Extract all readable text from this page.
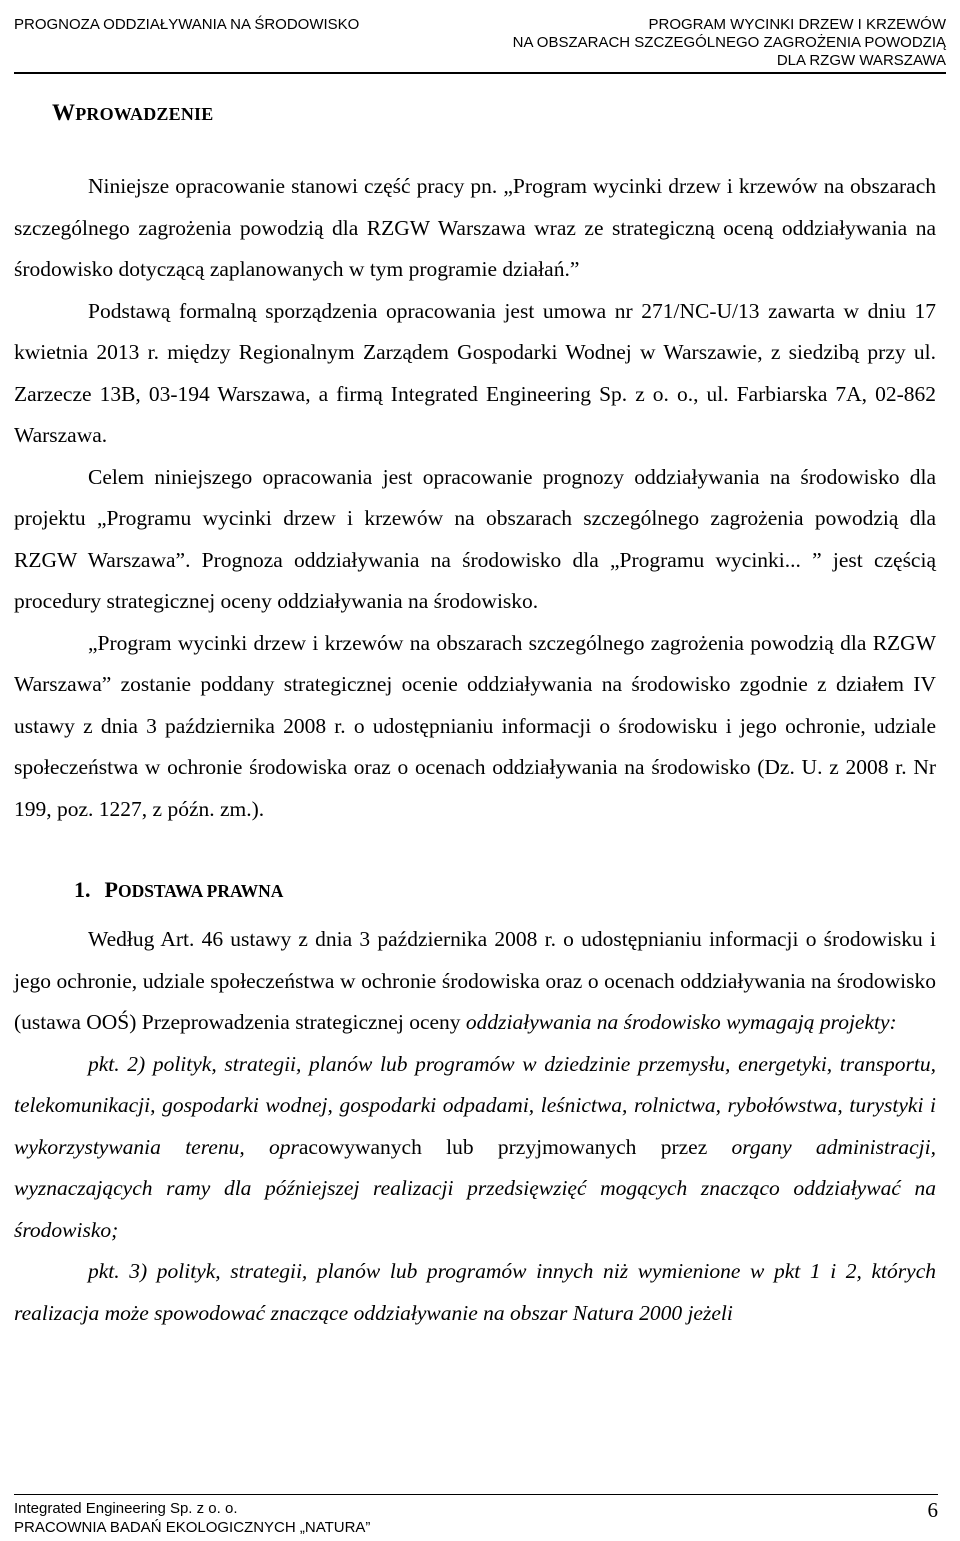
PROGNOZA ODDZIAŁYWANIA NA ŚRODOWISKO	PROGRAM WYCINKI DRZEW I KRZEWÓW
NA OBSZARACH SZCZEGÓLNEGO ZAGROŻENIA POWODZIĄ
DLA RZGW WARSZAWA
WPROWADZENIE

Niniejsze opracowanie stanowi część pracy pn. „Program wycinki drzew i krzewów na obszarach szczególnego zagrożenia powodzią dla RZGW Warszawa wraz ze strategiczną oceną oddziaływania na środowisko dotyczącą zaplanowanych w tym programie działań.”

Podstawą formalną sporządzenia opracowania jest umowa nr 271/NC-U/13 zawarta w dniu 17 kwietnia 2013 r. między Regionalnym Zarządem Gospodarki Wodnej w Warszawie, z siedzibą przy ul. Zarzecze 13B, 03-194 Warszawa, a firmą Integrated Engineering Sp. z o. o., ul. Farbiarska 7A, 02-862 Warszawa.

Celem niniejszego opracowania jest opracowanie prognozy oddziaływania na środowisko dla projektu „Programu wycinki drzew i krzewów na obszarach szczególnego zagrożenia powodzią dla RZGW Warszawa”. Prognoza oddziaływania na środowisko dla „Programu wycinki... ” jest częścią procedury strategicznej oceny oddziaływania na środowisko.

„Program wycinki drzew i krzewów na obszarach szczególnego zagrożenia powodzią dla RZGW Warszawa” zostanie poddany strategicznej ocenie oddziaływania na środowisko zgodnie z działem IV ustawy z dnia 3 października 2008 r. o udostępnianiu informacji o środowisku i jego ochronie, udziale społeczeństwa w ochronie środowiska oraz o ocenach oddziaływania na środowisko (Dz. U. z 2008 r. Nr 199, poz. 1227, z późn. zm.).

1. PODSTAWA PRAWNA

Według Art. 46 ustawy z dnia 3 października 2008 r. o udostępnianiu informacji o środowisku i jego ochronie, udziale społeczeństwa w ochronie środowiska oraz o ocenach oddziaływania na środowisko (ustawa OOŚ) Przeprowadzenia strategicznej oceny oddziaływania na środowisko wymagają projekty:

pkt. 2) polityk, strategii, planów lub programów w dziedzinie przemysłu, energetyki, transportu, telekomunikacji, gospodarki wodnej, gospodarki odpadami, leśnictwa, rolnictwa, rybołówstwa, turystyki i wykorzystywania terenu, opracowywanych lub przyjmowanych przez organy administracji, wyznaczających ramy dla późniejszej realizacji przedsięwzięć mogących znacząco oddziaływać na środowisko;

pkt. 3) polityk, strategii, planów lub programów innych niż wymienione w pkt 1 i 2, których realizacja może spowodować znaczące oddziaływanie na obszar Natura 2000 jeżeli

Integrated Engineering Sp. z o. o.
PRACOWNIA BADAŃ EKOLOGICZNYCH „NATURA”
6
